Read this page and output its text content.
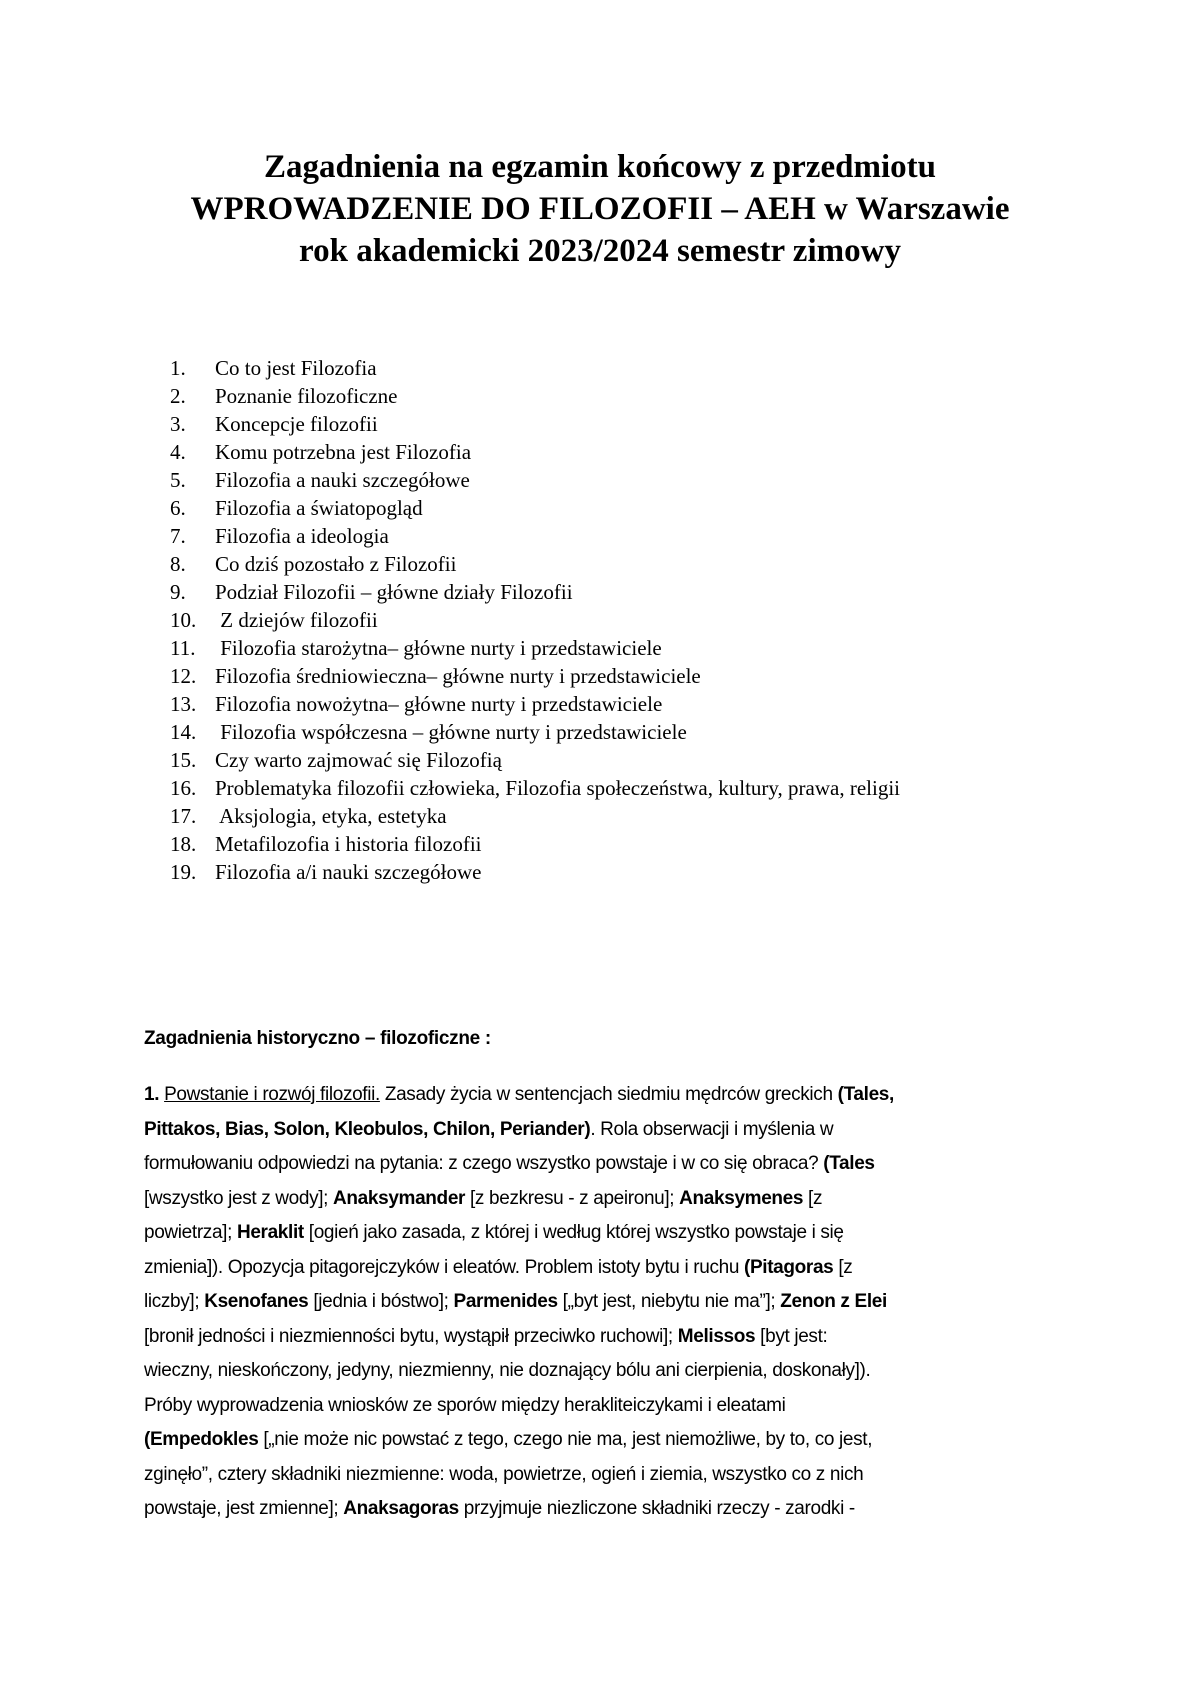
Zagadnienia na egzamin końcowy z przedmiotu
WPROWADZENIE DO FILOZOFII – AEH w Warszawie
rok akademicki 2023/2024 semestr zimowy
1.	Co to jest Filozofia
2.	Poznanie filozoficzne
3.	Koncepcje filozofii
4.	Komu potrzebna jest Filozofia
5.	Filozofia a nauki szczegółowe
6.	Filozofia a światopogląd
7.	Filozofia a ideologia
8.	Co dziś pozostało z Filozofii
9.	Podział Filozofii – główne działy Filozofii
10. Z dziejów filozofii
11. Filozofia starożytna– główne nurty i przedstawiciele
12. Filozofia średniowieczna– główne nurty i przedstawiciele
13. Filozofia nowożytna– główne nurty i przedstawiciele
14. Filozofia współczesna – główne nurty i przedstawiciele
15. Czy warto zajmować się Filozofią
16. Problematyka filozofii człowieka, Filozofia społeczeństwa, kultury, prawa, religii
17. Aksjologia, etyka, estetyka
18. Metafilozofia i historia filozofii
19. Filozofia a/i nauki szczegółowe
Zagadnienia historyczno – filozoficzne :
1. Powstanie i rozwój filozofii. Zasady życia w sentencjach siedmiu mędrców greckich (Tales,
Pittakos, Bias, Solon, Kleobulos, Chilon, Periander). Rola obserwacji i myślenia w
formułowaniu odpowiedzi na pytania: z czego wszystko powstaje i w co się obraca? (Tales
[wszystko jest z wody]; Anaksymander [z bezkresu - z apeironu]; Anaksymenes [z
powietrza]; Heraklit [ogień jako zasada, z której i według której wszystko powstaje i się
zmienia]). Opozycja pitagorejczyków i eleatów. Problem istoty bytu i ruchu (Pitagoras [z
liczby]; Ksenofanes [jednia i bóstwo]; Parmenides [„byt jest, niebytu nie ma”]; Zenon z Elei
[bronił jedności i niezmienności bytu, wystąpił przeciwko ruchowi]; Melissos [byt jest:
wieczny, nieskończony, jedyny, niezmienny, nie doznający bólu ani cierpienia, doskonały]).
Próby wyprowadzenia wniosków ze sporów między herakliteiczykami i eleatami
(Empedokles [„nie może nic powstać z tego, czego nie ma, jest niemożliwe, by to, co jest,
zginęło”, cztery składniki niezmienne: woda, powietrze, ogień i ziemia, wszystko co z nich
powstaje, jest zmienne]; Anaksagoras przyjmuje niezliczone składniki rzeczy - zarodki -
